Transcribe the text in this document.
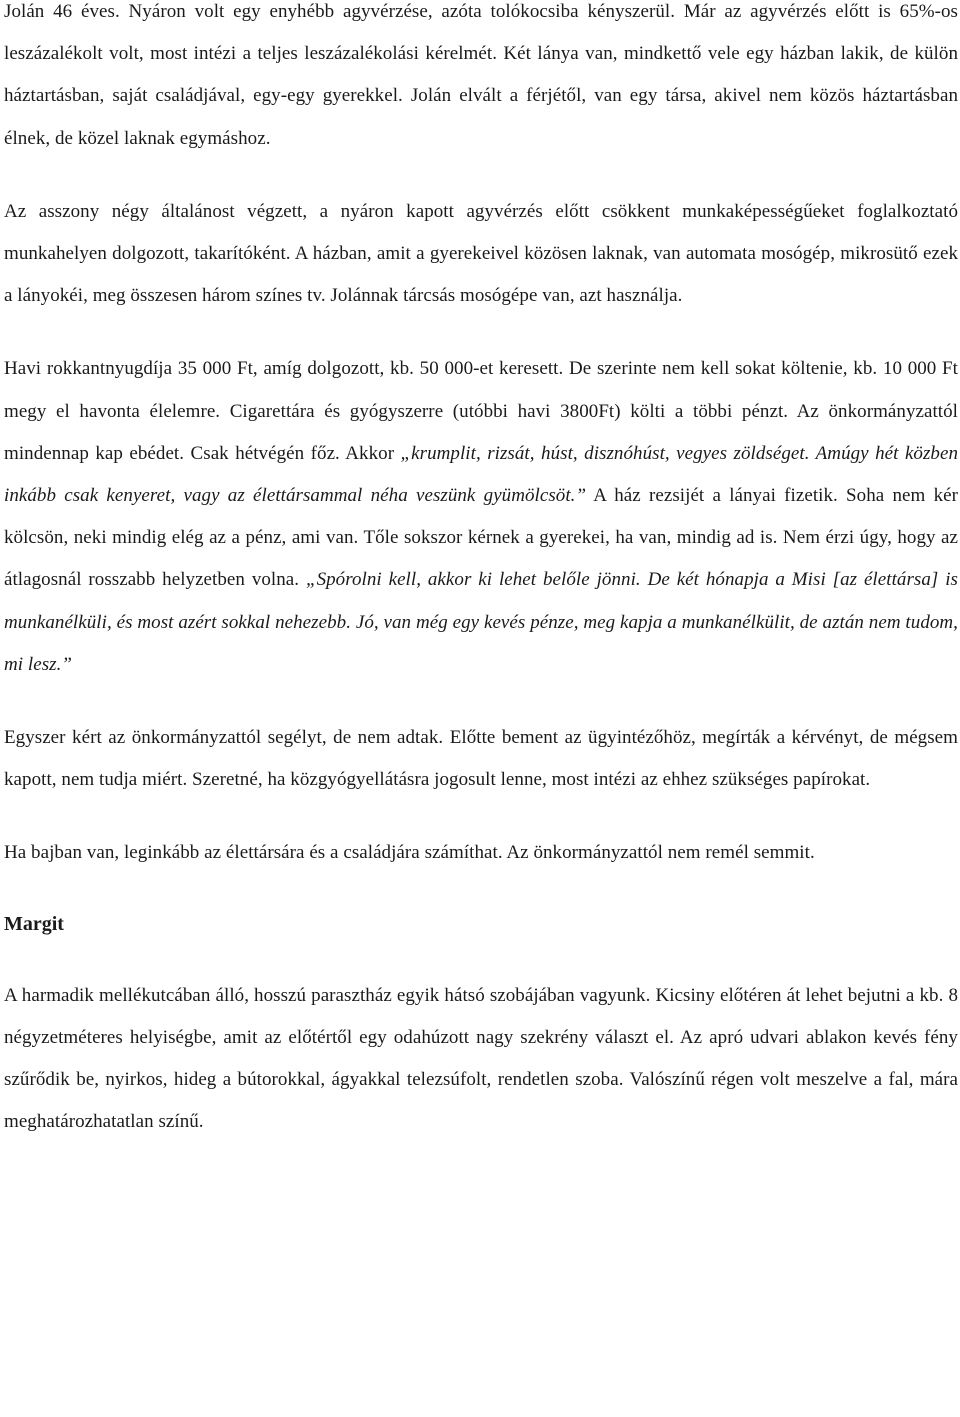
Jolán 46 éves. Nyáron volt egy enyhébb agyvérzése, azóta tolókocsiba kényszerül. Már az agyvérzés előtt is 65%-os leszázalékolt volt, most intézi a teljes leszázalékolási kérelmét. Két lánya van, mindkettő vele egy házban lakik, de külön háztartásban, saját családjával, egy-egy gyerekkel. Jolán elvált a férjétől, van egy társa, akivel nem közös háztartásban élnek, de közel laknak egymáshoz.

Az asszony négy általánost végzett, a nyáron kapott agyvérzés előtt csökkent munkaképességűeket foglalkoztató munkahelyen dolgozott, takarítóként. A házban, amit a gyerekeivel közösen laknak, van automata mosógép, mikrosütő ezek a lányokéi, meg összesen három színes tv. Jolánnak tárcsás mosógépe van, azt használja.

Havi rokkantnyugdíja 35 000 Ft, amíg dolgozott, kb. 50 000-et keresett. De szerinte nem kell sokat költenie, kb. 10 000 Ft megy el havonta élelemre. Cigarettára és gyógyszerre (utóbbi havi 3800Ft) költi a többi pénzt. Az önkormányzattól mindennap kap ebédet. Csak hétvégén főz. Akkor „krumplit, rizsát, húst, disznóhúst, vegyes zöldséget. Amúgy hét közben inkább csak kenyeret, vagy az élettársammal néha veszünk gyümölcsöt.” A ház rezsijét a lányai fizetik. Soha nem kér kölcsön, neki mindig elég az a pénz, ami van. Tőle sokszor kérnek a gyerekei, ha van, mindig ad is. Nem érzi úgy, hogy az átlagosnál rosszabb helyzetben volna. „Spórolni kell, akkor ki lehet belőle jönni. De két hónapja a Misi [az élettársa] is munkanélküli, és most azért sokkal nehezebb. Jó, van még egy kevés pénze, meg kapja a munkanélkülit, de aztán nem tudom, mi lesz.”

Egyszer kért az önkormányzattól segélyt, de nem adtak. Előtte bement az ügyintézőhöz, megírták a kérvényt, de mégsem kapott, nem tudja miért. Szeretné, ha közgyógyellátásra jogosult lenne, most intézi az ehhez szükséges papírokat.

Ha bajban van, leginkább az élettársára és a családjára számíthat. Az önkormányzattól nem remél semmit.

Margit

A harmadik mellékutcában álló, hosszú parasztház egyik hátsó szobájában vagyunk. Kicsiny előtéren át lehet bejutni a kb. 8 négyzetméteres helyiségbe, amit az előtértől egy odahúzott nagy szekrény választ el. Az apró udvari ablakon kevés fény szűrődik be, nyirkos, hideg a bútorokkal, ágyakkal telezsúfolt, rendetlen szoba. Valószínű régen volt meszelve a fal, mára meghatározhatatlan színű.
